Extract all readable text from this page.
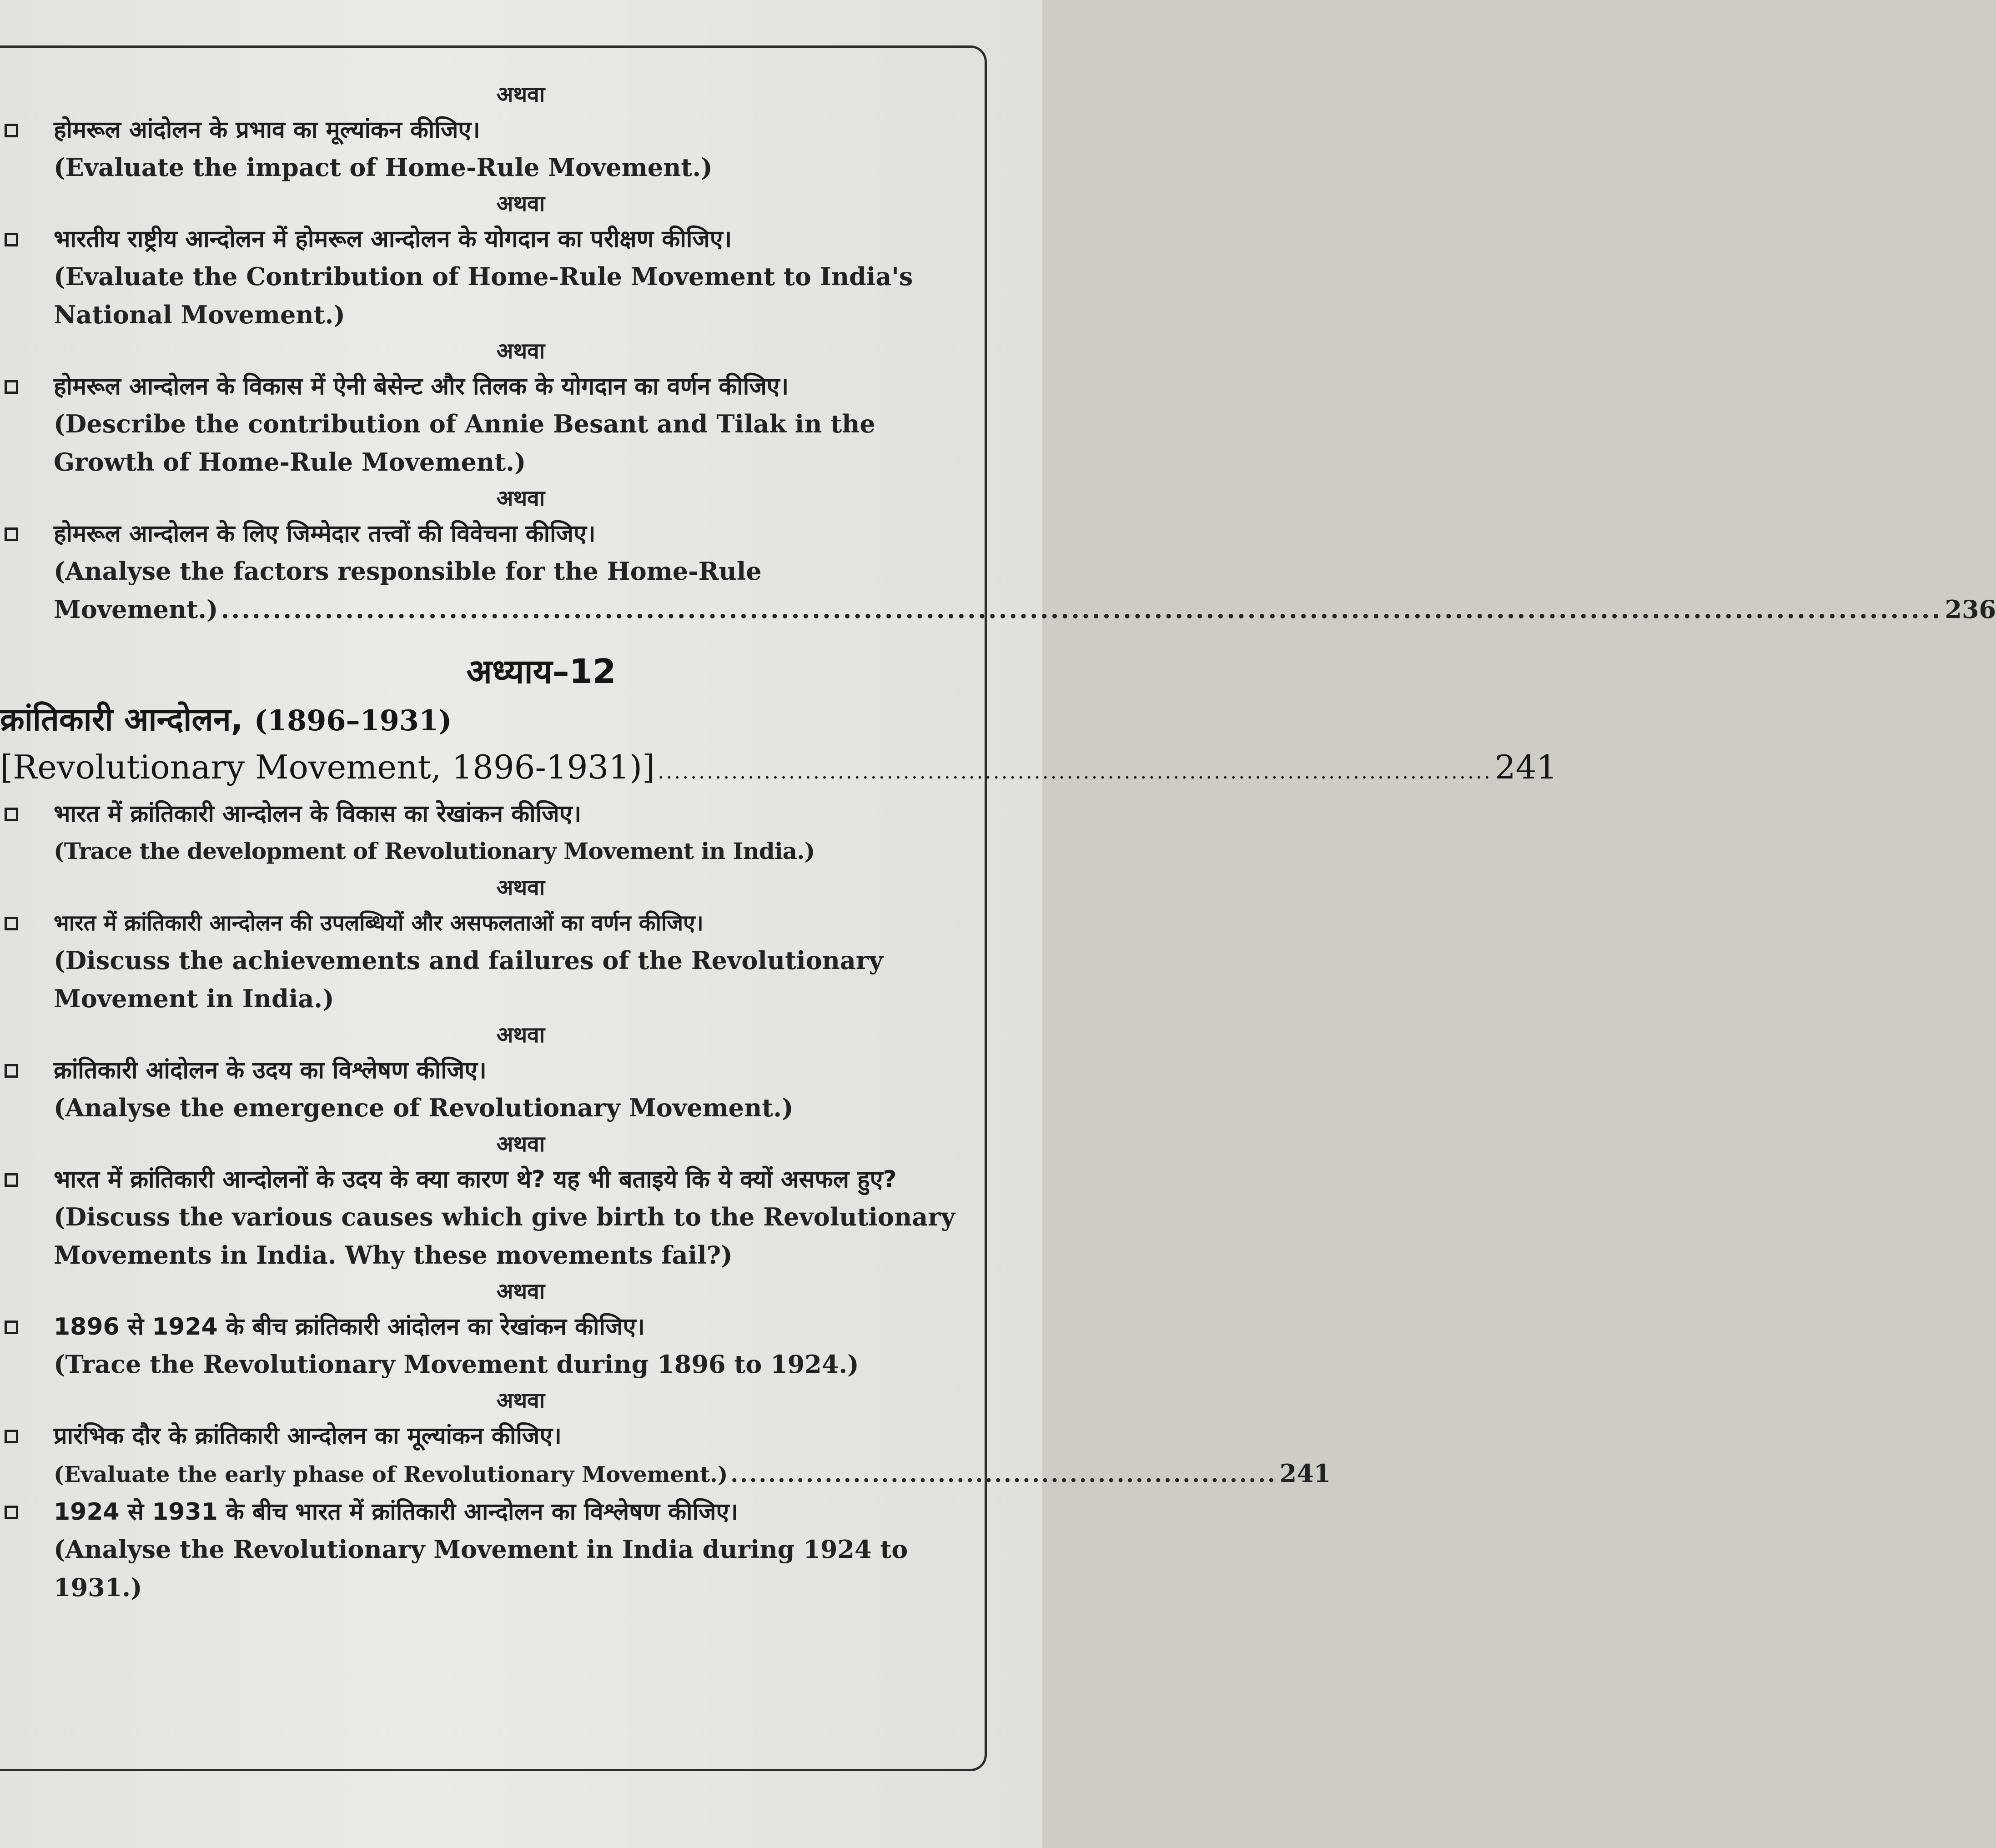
अथवा
होमरूल आंदोलन के प्रभाव का मूल्यांकन कीजिए।
(Evaluate the impact of Home-Rule Movement.)
अथवा
भारतीय राष्ट्रीय आन्दोलन में होमरूल आन्दोलन के योगदान का परीक्षण कीजिए।
(Evaluate the Contribution of Home-Rule Movement to India's National Movement.)
अथवा
होमरूल आन्दोलन के विकास में ऐनी बेसेन्ट और तिलक के योगदान का वर्णन कीजिए।
(Describe the contribution of Annie Besant and Tilak in the Growth of Home-Rule Movement.)
अथवा
होमरूल आन्दोलन के लिए जिम्मेदार तत्त्वों की विवेचना कीजिए।
(Analyse the factors responsible for the Home-Rule
Movement.) ...................................................................................................................................................................... 236
अध्याय–12
क्रांतिकारी आन्दोलन, (1896–1931)
[Revolutionary Movement, 1896-1931)] ...................................................................................................... 241
भारत में क्रांतिकारी आन्दोलन के विकास का रेखांकन कीजिए।
(Trace the development of Revolutionary Movement in India.)
अथवा
भारत में क्रांतिकारी आन्दोलन की उपलब्धियों और असफलताओं का वर्णन कीजिए।
(Discuss the achievements and failures of the Revolutionary Movement in India.)
अथवा
क्रांतिकारी आंदोलन के उदय का विश्लेषण कीजिए।
(Analyse the emergence of Revolutionary Movement.)
अथवा
भारत में क्रांतिकारी आन्दोलनों के उदय के क्या कारण थे? यह भी बताइये कि ये क्यों असफल हुए?
(Discuss the various causes which give birth to the Revolutionary Movements in India. Why these movements fail?)
अथवा
1896 से 1924 के बीच क्रांतिकारी आंदोलन का रेखांकन कीजिए।
(Trace the Revolutionary Movement during 1896 to 1924.)
अथवा
प्रारंभिक दौर के क्रांतिकारी आन्दोलन का मूल्यांकन कीजिए।
(Evaluate the early phase of Revolutionary Movement.) .......................................................... 241
1924 से 1931 के बीच भारत में क्रांतिकारी आन्दोलन का विश्लेषण कीजिए।
(Analyse the Revolutionary Movement in India during 1924 to 1931.)
